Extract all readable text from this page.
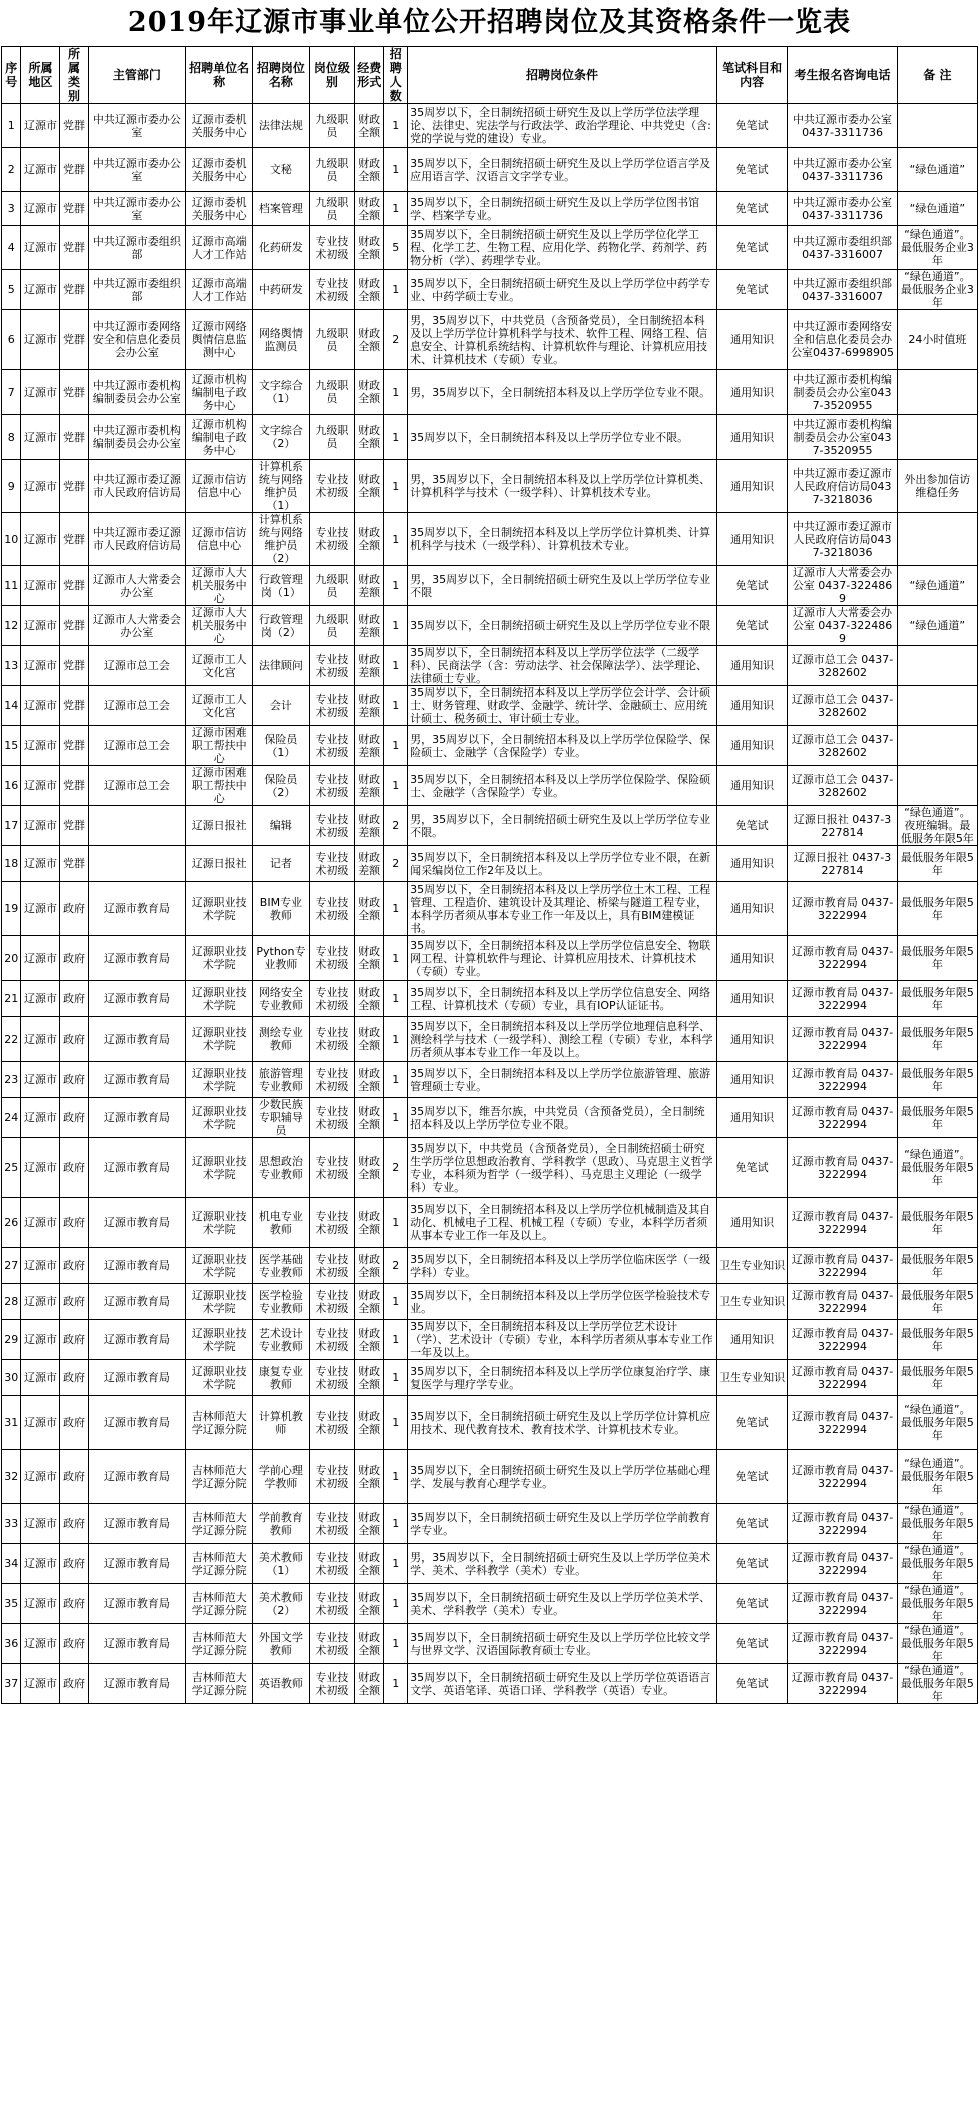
2019年辽源市事业单位公开招聘岗位及其资格条件一览表
序号	所属地区	所属类别	主管部门	招聘单位名称	招聘岗位名称	岗位级别	经费形式	招聘人数	招聘岗位条件	笔试科目和内容	考生报名咨询电话	备 注
1	辽源市	党群	中共辽源市委办公室	辽源市委机关服务中心	法律法规	九级职员	财政全额	1	35周岁以下，全日制统招硕士研究生及以上学历学位法学理论、法律史、宪法学与行政法学、政治学理论、中共党史（含:党的学说与党的建设）专业。	免笔试	中共辽源市委办公室 0437-3311736	
2	辽源市	党群	中共辽源市委办公室	辽源市委机关服务中心	文秘	九级职员	财政全额	1	35周岁以下，全日制统招硕士研究生及以上学历学位语言学及应用语言学、汉语言文字学专业。	免笔试	中共辽源市委办公室0437-3311736	“绿色通道”
3	辽源市	党群	中共辽源市委办公室	辽源市委机关服务中心	档案管理	九级职员	财政全额	1	35周岁以下，全日制统招硕士研究生及以上学历学位图书馆学、档案学专业。	免笔试	中共辽源市委办公室0437-3311736	“绿色通道”
4	辽源市	党群	中共辽源市委组织部	辽源市高端人才工作站	化药研发	专业技术初级	财政全额	5	35周岁以下，全日制统招硕士研究生及以上学历学位化学工程、化学工艺、生物工程、应用化学、药物化学、药剂学、药物分析（学）、药理学专业。	免笔试	中共辽源市委组织部 0437-3316007	“绿色通道”。最低服务企业3年
5	辽源市	党群	中共辽源市委组织部	辽源市高端人才工作站	中药研发	专业技术初级	财政全额	1	35周岁以下，全日制统招硕士研究生及以上学历学位中药学专业、中药学硕士专业。	免笔试	中共辽源市委组织部 0437-3316007	“绿色通道”。最低服务企业3年
6	辽源市	党群	中共辽源市委网络安全和信息化委员会办公室	辽源市网络舆情信息监测中心	网络舆情监测员	九级职员	财政全额	2	男，35周岁以下，中共党员（含预备党员），全日制统招本科及以上学历学位计算机科学与技术、软件工程、网络工程、信息安全、计算机系统结构、计算机软件与理论、计算机应用技术、计算机技术（专硕）专业。	通用知识	中共辽源市委网络安全和信息化委员会办公室0437-6998905	24小时值班
7	辽源市	党群	中共辽源市委机构编制委员会办公室	辽源市机构编制电子政务中心	文字综合（1）	九级职员	财政全额	1	男，35周岁以下，全日制统招本科及以上学历学位专业不限。	通用知识	中共辽源市委机构编制委员会办公室0437-3520955	
8	辽源市	党群	中共辽源市委机构编制委员会办公室	辽源市机构编制电子政务中心	文字综合（2）	九级职员	财政全额	1	35周岁以下，全日制统招本科及以上学历学位专业不限。	通用知识	中共辽源市委机构编制委员会办公室0437-3520955	
9	辽源市	党群	中共辽源市委辽源市人民政府信访局	辽源市信访信息中心	计算机系统与网络维护员（1）	专业技术初级	财政全额	1	男，35周岁以下，全日制统招本科及以上学历学位计算机类、计算机科学与技术（一级学科）、计算机技术专业。	通用知识	中共辽源市委辽源市人民政府信访局0437-3218036	外出参加信访维稳任务
10	辽源市	党群	中共辽源市委辽源市人民政府信访局	辽源市信访信息中心	计算机系统与网络维护员（2）	专业技术初级	财政全额	1	35周岁以下，全日制统招本科及以上学历学位计算机类、计算机科学与技术（一级学科）、计算机技术专业。	通用知识	中共辽源市委辽源市人民政府信访局0437-3218036	
11	辽源市	党群	辽源市人大常委会办公室	辽源市人大机关服务中心	行政管理岗（1）	九级职员	财政差额	1	男，35周岁以下，全日制统招硕士研究生及以上学历学位专业不限	免笔试	辽源市人大常委会办公室 0437-3224869	“绿色通道”
12	辽源市	党群	辽源市人大常委会办公室	辽源市人大机关服务中心	行政管理岗（2）	九级职员	财政差额	1	35周岁以下，全日制统招硕士研究生及以上学历学位专业不限	免笔试	辽源市人大常委会办公室 0437-3224869	“绿色通道”
13	辽源市	党群	辽源市总工会	辽源市工人文化宫	法律顾问	专业技术初级	财政差额	1	35周岁以下，全日制统招本科及以上学历学位法学（二级学科）、民商法学（含：劳动法学、社会保障法学）、法学理论、法律硕士专业。	通用知识	辽源市总工会 0437-3282602	
14	辽源市	党群	辽源市总工会	辽源市工人文化宫	会计	专业技术初级	财政差额	1	35周岁以下，全日制统招本科及以上学历学位会计学、会计硕士、财务管理、财政学、金融学、统计学、金融硕士、应用统计硕士、税务硕士、审计硕士专业。	通用知识	辽源市总工会 0437-3282602	
15	辽源市	党群	辽源市总工会	辽源市困难职工帮扶中心	保险员（1）	专业技术初级	财政差额	1	男，35周岁以下，全日制统招本科及以上学历学位保险学、保险硕士、金融学（含保险学）专业。	通用知识	辽源市总工会 0437-3282602	
16	辽源市	党群	辽源市总工会	辽源市困难职工帮扶中心	保险员（2）	专业技术初级	财政差额	1	35周岁以下，全日制统招本科及以上学历学位保险学、保险硕士、金融学（含保险学）专业。	通用知识	辽源市总工会 0437-3282602	
17	辽源市	党群		辽源日报社	编辑	专业技术初级	财政差额	2	男，35周岁以下，全日制统招硕士研究生及以上学历学位专业不限。	免笔试	辽源日报社 0437-3227814	“绿色通道”。夜班编辑。最低服务年限5年
18	辽源市	党群		辽源日报社	记者	专业技术初级	财政差额	2	35周岁以下，全日制统招本科及以上学历学位专业不限，在新闻采编岗位工作2年及以上。	通用知识	辽源日报社 0437-3227814	最低服务年限5年
19	辽源市	政府	辽源市教育局	辽源职业技术学院	BIM专业教师	专业技术初级	财政全额	1	35周岁以下，全日制统招本科及以上学历学位土木工程、工程管理、工程造价、建筑设计及其理论、桥梁与隧道工程专业，本科学历者须从事本专业工作一年及以上，具有BIM建模证书。	通用知识	辽源市教育局 0437-3222994	最低服务年限5年
20	辽源市	政府	辽源市教育局	辽源职业技术学院	Python专业教师	专业技术初级	财政全额	1	35周岁以下，全日制统招本科及以上学历学位信息安全、物联网工程、计算机软件与理论、计算机应用技术、计算机技术（专硕）专业。	通用知识	辽源市教育局 0437-3222994	最低服务年限5年
21	辽源市	政府	辽源市教育局	辽源职业技术学院	网络安全专业教师	专业技术初级	财政全额	1	35周岁以下，全日制统招本科及以上学历学位信息安全、网络工程、计算机技术（专硕）专业，具有IOP认证证书。	通用知识	辽源市教育局 0437-3222994	最低服务年限5年
22	辽源市	政府	辽源市教育局	辽源职业技术学院	测绘专业教师	专业技术初级	财政全额	1	35周岁以下，全日制统招本科及以上学历学位地理信息科学、测绘科学与技术（一级学科）、测绘工程（专硕）专业，本科学历者须从事本专业工作一年及以上。	通用知识	辽源市教育局 0437-3222994	最低服务年限5年
23	辽源市	政府	辽源市教育局	辽源职业技术学院	旅游管理专业教师	专业技术初级	财政全额	1	35周岁以下，全日制统招本科及以上学历学位旅游管理、旅游管理硕士专业。	通用知识	辽源市教育局 0437-3222994	最低服务年限5年
24	辽源市	政府	辽源市教育局	辽源职业技术学院	少数民族专职辅导员	专业技术初级	财政全额	1	35周岁以下，维吾尔族，中共党员（含预备党员），全日制统招本科及以上学历学位专业不限。	通用知识	辽源市教育局 0437-3222994	最低服务年限5年
25	辽源市	政府	辽源市教育局	辽源职业技术学院	思想政治专业教师	专业技术初级	财政全额	2	35周岁以下，中共党员（含预备党员），全日制统招硕士研究生学历学位思想政治教育、学科教学（思政）、马克思主义哲学专业，本科须为哲学（一级学科）、马克思主义理论（一级学科）专业。	免笔试	辽源市教育局 0437-3222994	“绿色通道”。最低服务年限5年
26	辽源市	政府	辽源市教育局	辽源职业技术学院	机电专业教师	专业技术初级	财政全额	1	35周岁以下，全日制统招本科及以上学历学位机械制造及其自动化、机械电子工程、机械工程（专硕）专业，本科学历者须从事本专业工作一年及以上。	通用知识	辽源市教育局 0437-3222994	最低服务年限5年
27	辽源市	政府	辽源市教育局	辽源职业技术学院	医学基础专业教师	专业技术初级	财政全额	2	35周岁以下，全日制统招本科及以上学历学位临床医学（一级学科）专业。	卫生专业知识	辽源市教育局 0437-3222994	最低服务年限5年
28	辽源市	政府	辽源市教育局	辽源职业技术学院	医学检验专业教师	专业技术初级	财政全额	1	35周岁以下，全日制统招本科及以上学历学位医学检验技术专业。	卫生专业知识	辽源市教育局 0437-3222994	最低服务年限5年
29	辽源市	政府	辽源市教育局	辽源职业技术学院	艺术设计专业教师	专业技术初级	财政全额	1	35周岁以下，全日制统招本科及以上学历学位艺术设计（学）、艺术设计（专硕）专业，本科学历者须从事本专业工作一年及以上。	通用知识	辽源市教育局 0437-3222994	最低服务年限5年
30	辽源市	政府	辽源市教育局	辽源职业技术学院	康复专业教师	专业技术初级	财政全额	1	35周岁以下，全日制统招本科及以上学历学位康复治疗学、康复医学与理疗学专业。	卫生专业知识	辽源市教育局 0437-3222994	最低服务年限5年
31	辽源市	政府	辽源市教育局	吉林师范大学辽源分院	计算机教师	专业技术初级	财政全额	1	35周岁以下，全日制统招硕士研究生及以上学历学位计算机应用技术、现代教育技术、教育技术学、计算机技术专业。	免笔试	辽源市教育局 0437-3222994	“绿色通道”。最低服务年限5年
32	辽源市	政府	辽源市教育局	吉林师范大学辽源分院	学前心理学教师	专业技术初级	财政全额	1	35周岁以下，全日制统招硕士研究生及以上学历学位基础心理学、发展与教育心理学专业。	免笔试	辽源市教育局 0437-3222994	“绿色通道”。最低服务年限5年
33	辽源市	政府	辽源市教育局	吉林师范大学辽源分院	学前教育教师	专业技术初级	财政全额	1	35周岁以下，全日制统招硕士研究生及以上学历学位学前教育学专业。	免笔试	辽源市教育局 0437-3222994	“绿色通道”。最低服务年限5年
34	辽源市	政府	辽源市教育局	吉林师范大学辽源分院	美术教师（1）	专业技术初级	财政全额	1	男，35周岁以下，全日制统招硕士研究生及以上学历学位美术学、美术、学科教学（美术）专业。	免笔试	辽源市教育局 0437-3222994	“绿色通道”。最低服务年限5年
35	辽源市	政府	辽源市教育局	吉林师范大学辽源分院	美术教师（2）	专业技术初级	财政全额	1	35周岁以下，全日制统招硕士研究生及以上学历学位美术学、美术、学科教学（美术）专业。	免笔试	辽源市教育局 0437-3222994	“绿色通道”。最低服务年限5年
36	辽源市	政府	辽源市教育局	吉林师范大学辽源分院	外国文学教师	专业技术初级	财政全额	1	35周岁以下，全日制统招硕士研究生及以上学历学位比较文学与世界文学、汉语国际教育硕士专业。	免笔试	辽源市教育局 0437-3222994	“绿色通道”。最低服务年限5年
37	辽源市	政府	辽源市教育局	吉林师范大学辽源分院	英语教师	专业技术初级	财政全额	1	35周岁以下，全日制统招硕士研究生及以上学历学位英语语言文学、英语笔译、英语口译、学科教学（英语）专业。	免笔试	辽源市教育局 0437-3222994	“绿色通道”。最低服务年限5年
